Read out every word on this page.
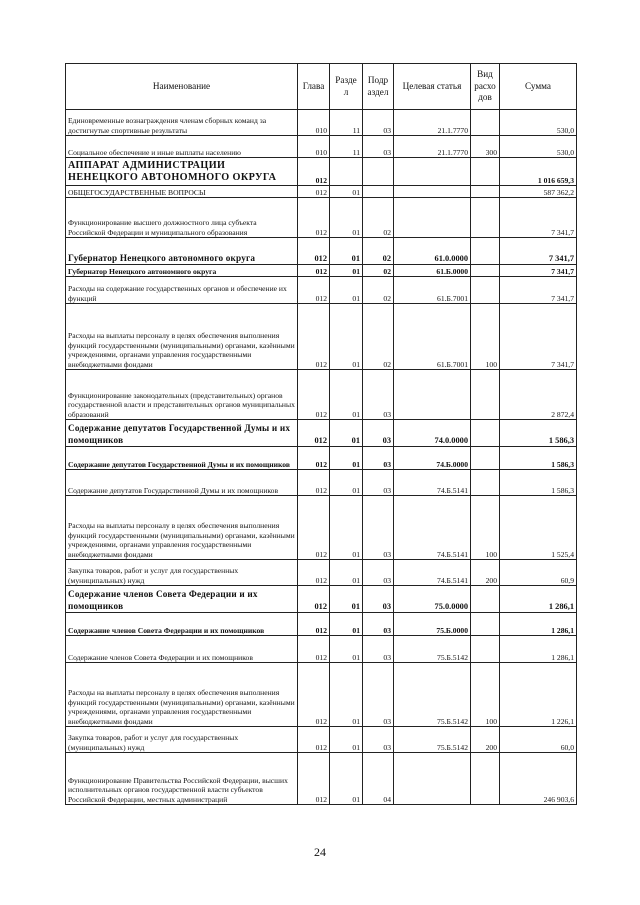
Наименование	Глава	Разде л	Подр аздел	Целевая статья	Вид расхо дов	Сумма
Единовременные вознаграждения членам сборных команд за достигнутые спортивные результаты	010	11	03	21.1.7770		530,0
Социальное обеспечение и иные выплаты населению	010	11	03	21.1.7770	300	530,0
АППАРАТ АДМИНИСТРАЦИИ НЕНЕЦКОГО АВТОНОМНОГО ОКРУГА	012					1 016 659,3
ОБЩЕГОСУДАРСТВЕННЫЕ ВОПРОСЫ	012	01				587 362,2
Функционирование высшего должностного лица субъекта Российской Федерации и муниципального образования	012	01	02			7 341,7
Губернатор Ненецкого автономного округа	012	01	02	61.0.0000		7 341,7
Губернатор Ненецкого автономного округа	012	01	02	61.Б.0000		7 341,7
Расходы на содержание государственных органов и обеспечение их функций	012	01	02	61.Б.7001		7 341,7
Расходы на выплаты персоналу в целях обеспечения выполнения функций государственными (муниципальными) органами, казёнными учреждениями, органами управления государственными внебюджетными фондами	012	01	02	61.Б.7001	100	7 341,7
Функционирование законодательных (представительных) органов государственной власти и представительных органов муниципальных образований	012	01	03			2 872,4
Содержание депутатов Государственной Думы и их помощников	012	01	03	74.0.0000		1 586,3
Содержание депутатов Государственной Думы и их помощников	012	01	03	74.Б.0000		1 586,3
Содержание депутатов Государственной Думы и их помощников	012	01	03	74.Б.5141		1 586,3
Расходы на выплаты персоналу в целях обеспечения выполнения функций государственными (муниципальными) органами, казёнными учреждениями, органами управления государственными внебюджетными фондами	012	01	03	74.Б.5141	100	1 525,4
Закупка товаров, работ и услуг для государственных (муниципальных) нужд	012	01	03	74.Б.5141	200	60,9
Содержание членов Совета Федерации и их помощников	012	01	03	75.0.0000		1 286,1
Содержание членов Совета Федерации и их помощников	012	01	03	75.Б.0000		1 286,1
Содержание членов Совета Федерации и их помощников	012	01	03	75.Б.5142		1 286,1
Расходы на выплаты персоналу в целях обеспечения выполнения функций государственными (муниципальными) органами, казёнными учреждениями, органами управления государственными внебюджетными фондами	012	01	03	75.Б.5142	100	1 226,1
Закупка товаров, работ и услуг для государственных (муниципальных) нужд	012	01	03	75.Б.5142	200	60,0
Функционирование Правительства Российской Федерации, высших исполнительных органов государственной власти субъектов Российской Федерации, местных администраций	012	01	04			246 903,6
24
